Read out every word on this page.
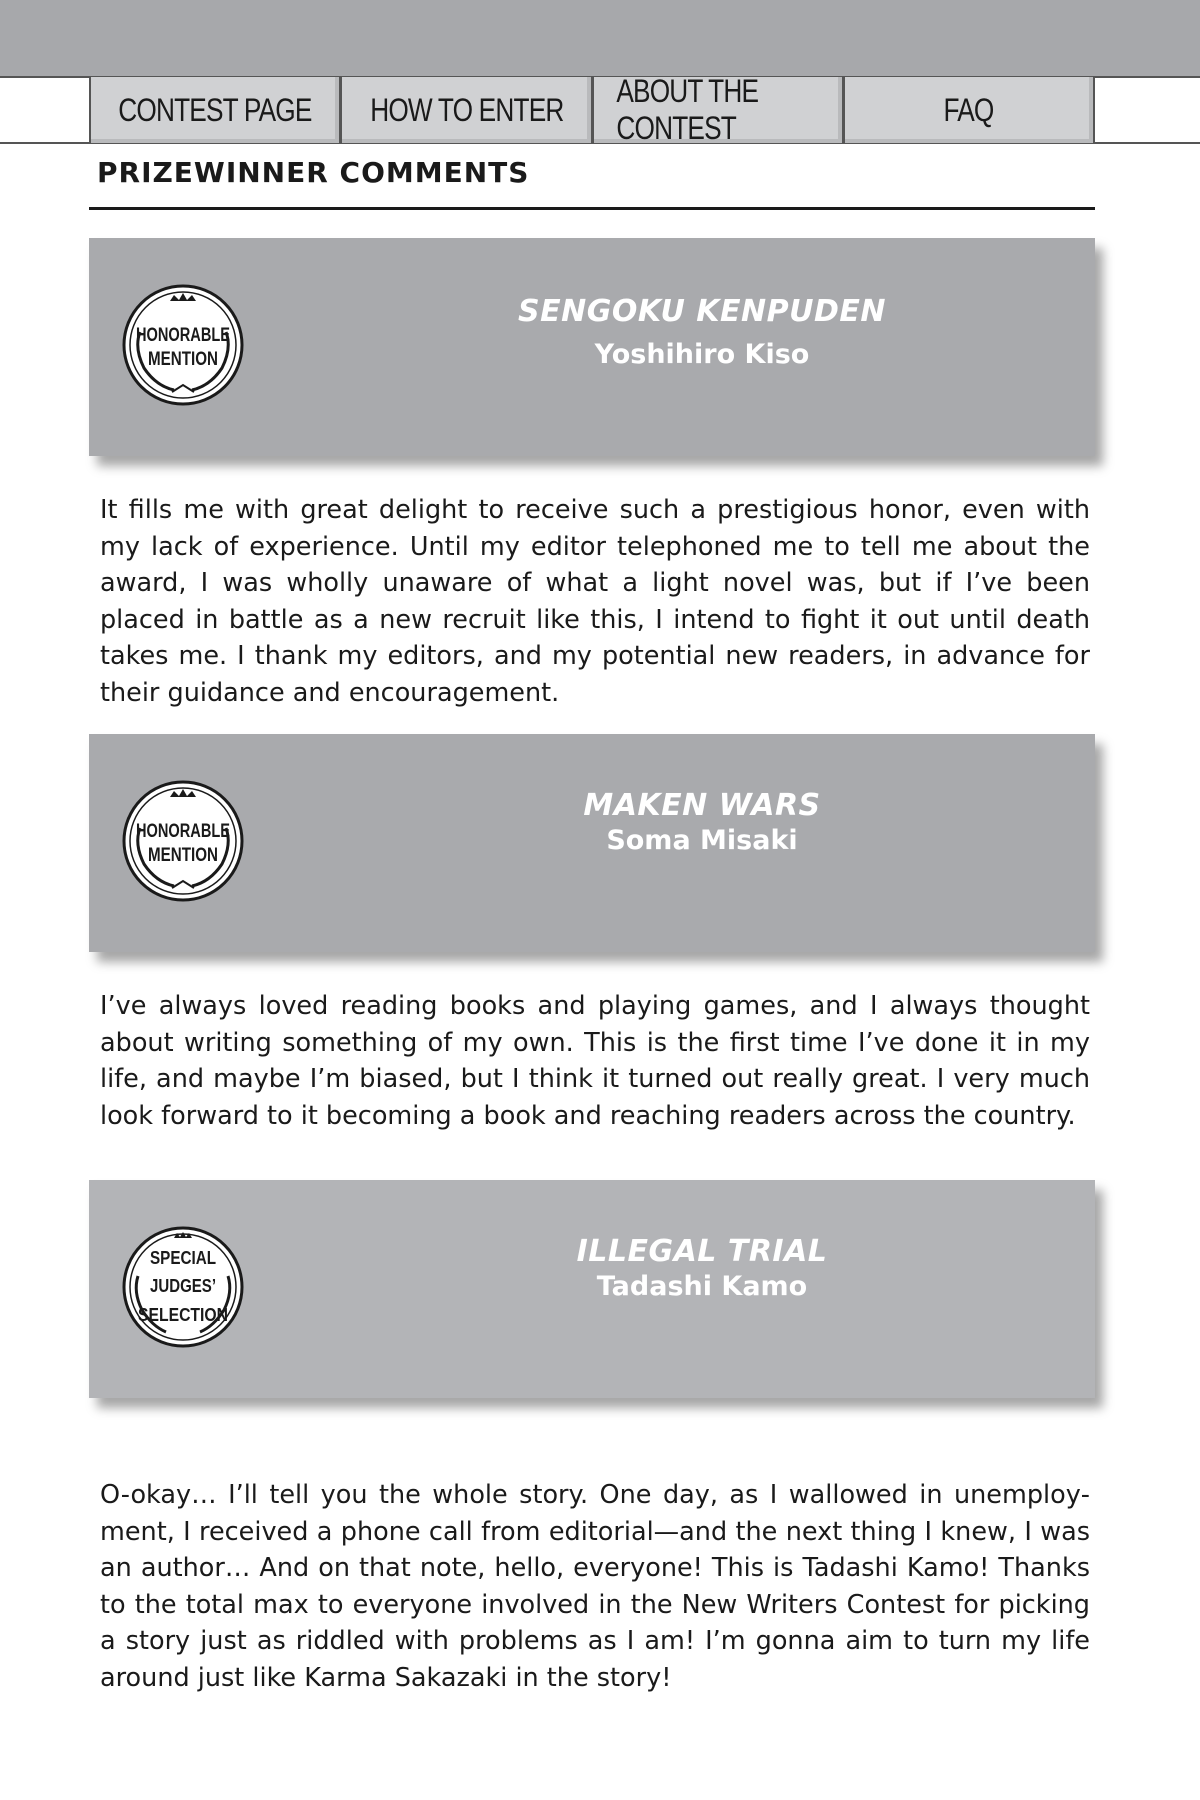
CONTEST PAGE HOW TO ENTER
ABOUT THE CONTEST
FAQ
PRIZEWINNER COMMENTS
HONORABLE
MENTION
SENGOKU KENPUDEN
Yoshihiro Kiso

It fills me with great delight to receive such a prestigious honor, even with my lack of experience. Until my editor telephoned me to tell me about the award, I was wholly unaware of what a light novel was, but if I’ve been placed in battle as a new recruit like this, I intend to fight it out until death takes me. I thank my editors, and my potential new readers, in advance for their guidance and encouragement.

HONORABLE
MENTION
MAKEN WARS
Soma Misaki

I’ve always loved reading books and playing games, and I always thought about writing something of my own. This is the first time I’ve done it in my life, and maybe I’m biased, but I think it turned out really great. I very much look forward to it becoming a book and reaching readers across the country.

SPECIAL
JUDGES’
SELECTION
ILLEGAL TRIAL
Tadashi Kamo

O-okay… I’ll tell you the whole story. One day, as I wallowed in unemployment, I received a phone call from editorial—and the next thing I knew, I was an author… And on that note, hello, everyone! This is Tadashi Kamo! Thanks to the total max to everyone involved in the New Writers Contest for picking a story just as riddled with problems as I am! I’m gonna aim to turn my life around just like Karma Sakazaki in the story!
